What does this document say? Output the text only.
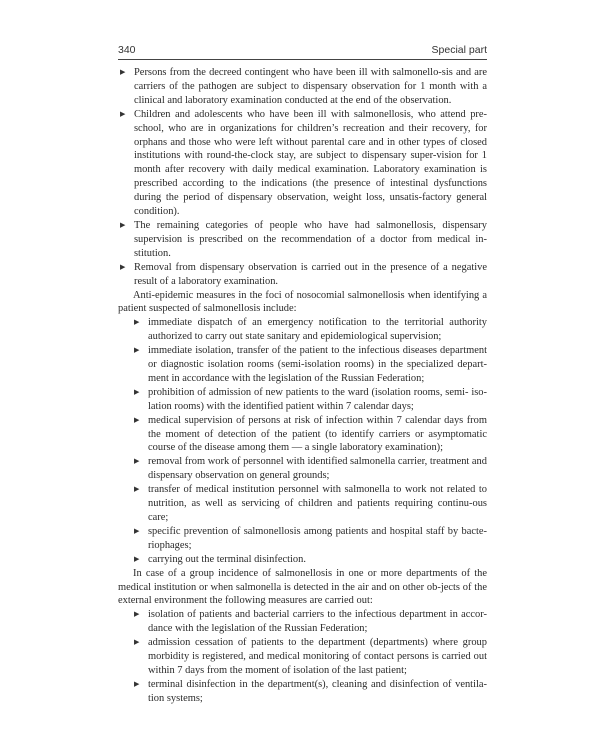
340	Special part
▶ Persons from the decreed contingent who have been ill with salmonello-sis and are carriers of the pathogen are subject to dispensary observation for 1 month with a clinical and laboratory examination conducted at the end of the observation.
▶ Children and adolescents who have been ill with salmonellosis, who attend pre-school, who are in organizations for children’s recreation and their recovery, for orphans and those who were left without parental care and in other types of closed institutions with round-the-clock stay, are subject to dispensary super-vision for 1 month after recovery with daily medical examination. Laboratory examination is prescribed according to the indications (the presence of intestinal dysfunctions during the period of dispensary observation, weight loss, unsatis-factory general condition).
▶ The remaining categories of people who have had salmonellosis, dispensary supervision is prescribed on the recommendation of a doctor from medical in-stitution.
▶ Removal from dispensary observation is carried out in the presence of a negative result of a laboratory examination.

Anti-epidemic measures in the foci of nosocomial salmonellosis when identifying a patient suspected of salmonellosis include:

▶ immediate dispatch of an emergency notification to the territorial authority authorized to carry out state sanitary and epidemiological supervision;
▶ immediate isolation, transfer of the patient to the infectious diseases department or diagnostic isolation rooms (semi-isolation rooms) in the specialized depart-ment in accordance with the legislation of the Russian Federation;
▶ prohibition of admission of new patients to the ward (isolation rooms, semi- iso-lation rooms) with the identified patient within 7 calendar days;
▶ medical supervision of persons at risk of infection within 7 calendar days from the moment of detection of the patient (to identify carriers or asymptomatic course of the disease among them — a single laboratory examination);
▶ removal from work of personnel with identified salmonella carrier, treatment and dispensary observation on general grounds;
▶ transfer of medical institution personnel with salmonella to work not related to nutrition, as well as servicing of children and patients requiring continu-ous care;
▶ specific prevention of salmonellosis among patients and hospital staff by bacte-riophages;
▶ carrying out the terminal disinfection.

In case of a group incidence of salmonellosis in one or more departments of the medical institution or when salmonella is detected in the air and on other ob-jects of the external environment the following measures are carried out:

▶ isolation of patients and bacterial carriers to the infectious department in accor-dance with the legislation of the Russian Federation;
▶ admission cessation of patients to the department (departments) where group morbidity is registered, and medical monitoring of contact persons is carried out within 7 days from the moment of isolation of the last patient;
▶ terminal disinfection in the department(s), cleaning and disinfection of ventila-tion systems;
